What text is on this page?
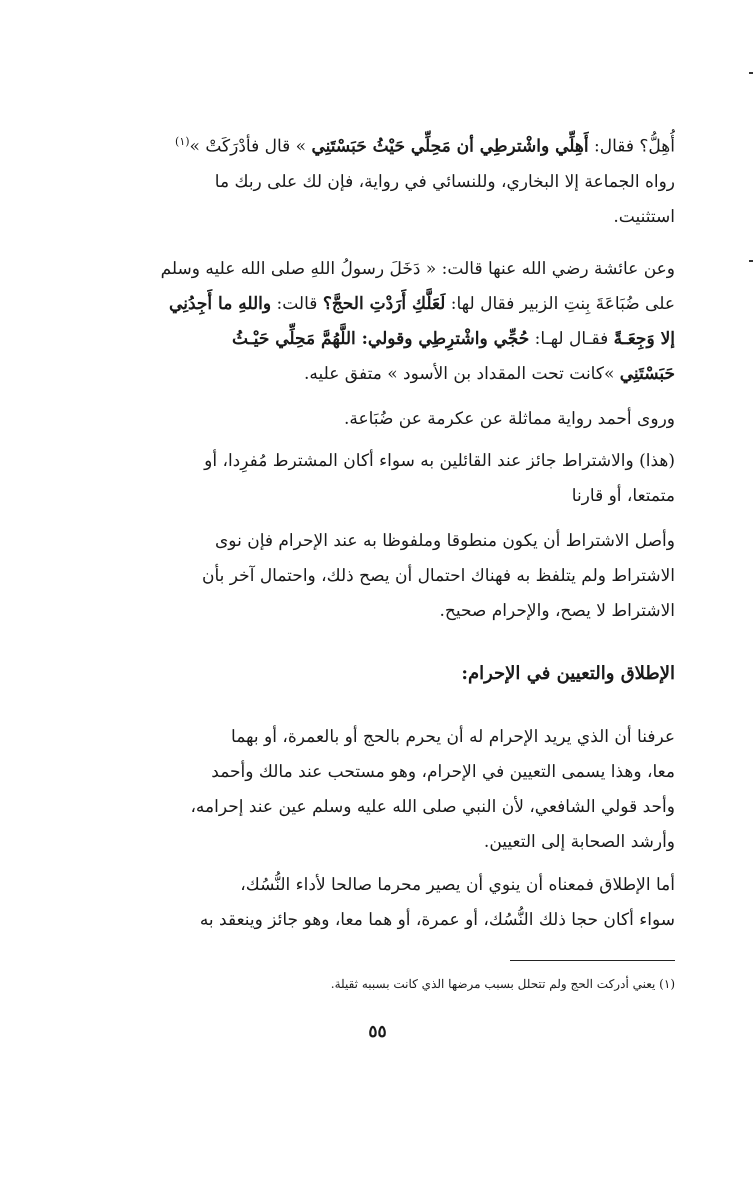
أُهِلُّ؟ فقال: أَهِلِّي واشْترطِي أن مَحِلِّي حَيْثُ حَبَسْتَنِي » قال فأدْرَكَتْ »$^{(١)}$
رواه الجماعة إلا البخاري، وللنسائي في رواية، فإن لك على ربك ما
استثنيت.
وعن عائشة رضي الله عنها قالت: « دَخَلَ رسولُ اللهِ صلى الله عليه وسلم
على ضُبَاعَةَ بِنتِ الزبير فقال لها: لَعَلَّكِ أَرَدْتِ الحجَّ؟ قالت: واللهِ ما أَجِدُنِي
إلا وَجِعَـةً فقـال لهـا: حُجِّي واشْترِطِي وقولي: اللَّهُمَّ مَحِلِّي حَيْـثُ
حَبَسْتَنِي »كانت تحت المقداد بن الأسود » متفق عليه.
وروى أحمد رواية مماثلة عن عكرمة عن ضُبَاعة.
(هذا) والاشتراط جائز عند القائلين به سواء أكان المشترط مُفرِدا، أو
متمتعا، أو قارنا
وأصل الاشتراط أن يكون منطوقا وملفوظا به عند الإحرام فإن نوى
الاشتراط ولم يتلفظ به فهناك احتمال أن يصح ذلك، واحتمال آخر بأن
الاشتراط لا يصح، والإحرام صحيح.
الإطلاق والتعيين في الإحرام:
عرفنا أن الذي يريد الإحرام له أن يحرم بالحج أو بالعمرة، أو بهما
معا، وهذا يسمى التعيين في الإحرام، وهو مستحب عند مالك وأحمد
وأحد قولي الشافعي، لأن النبي صلى الله عليه وسلم عين عند إحرامه،
وأرشد الصحابة إلى التعيين.
أما الإطلاق فمعناه أن ينوي أن يصير محرما صالحا لأداء النُّسُك،
سواء أكان حجا ذلك النُّسُك، أو عمرة، أو هما معا، وهو جائز وينعقد به
(١) يعني أدركت الحج ولم تتحلل بسبب مرضها الذي كانت بسببه ثقيلة.
٥٥
